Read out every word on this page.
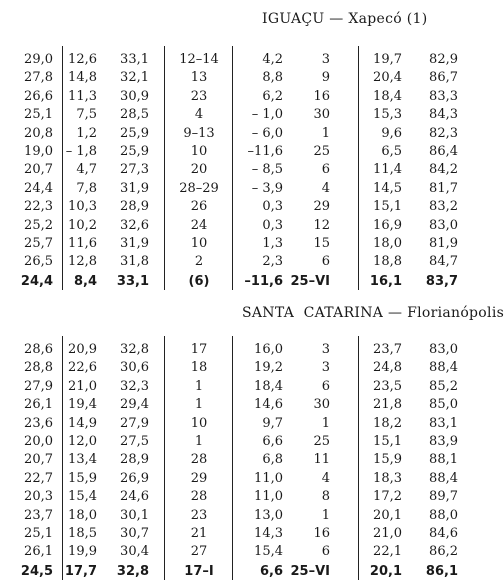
IGUAÇU — Xapecó (1)
29,0 12,6 33,1	12–14	4,2	3	19,7 82,9
27,8 14,8 32,1	13	8,8	9	20,4 86,7
26,6 11,3 30,9	23	6,2 16	18,4 83,3
25,1 7,5 28,5	4	– 1,0 30	15,3 84,3
20,8 1,2 25,9	9–13	– 6,0	1	9,6 82,3
19,0 – 1,8 25,9	10	–11,6 25	6,5 86,4
20,7 4,7 27,3	20	– 8,5	6	11,4 84,2
24,4 7,8 31,9	28–29	– 3,9	4	14,5 81,7
22,3 10,3 28,9	26	0,3 29	15,1 83,2
25,2 10,2 32,6	24	0,3 12	16,9 83,0
25,7 11,6 31,9	10	1,3 15	18,0 81,9
26,5 12,8 31,8	2	2,3	6	18,8 84,7
24,4 8,4 33,1	(6)	–11,6 25–VI	16,1 83,7
SANTA  CATARINA — Florianópolis
28,6 20,9 32,8	17	16,0	3	23,7 83,0
28,8 22,6 30,6	18	19,2	3	24,8 88,4
27,9 21,0 32,3	1	18,4	6	23,5 85,2
26,1 19,4 29,4	1	14,6 30	21,8 85,0
23,6 14,9 27,9	10	9,7	1	18,2 83,1
20,0 12,0 27,5	1	6,6 25	15,1 83,9
20,7 13,4 28,9	28	6,8 11	15,9 88,1
22,7 15,9 26,9	29	11,0	4	18,3 88,4
20,3 15,4 24,6	28	11,0	8	17,2 89,7
23,7 18,0 30,1	23	13,0	1	20,1 88,0
25,1 18,5 30,7	21	14,3 16	21,0 84,6
26,1 19,9 30,4	27	15,4	6	22,1 86,2
24,5 17,7 32,8	17–I	6,6 25–VI	20,1 86,1
